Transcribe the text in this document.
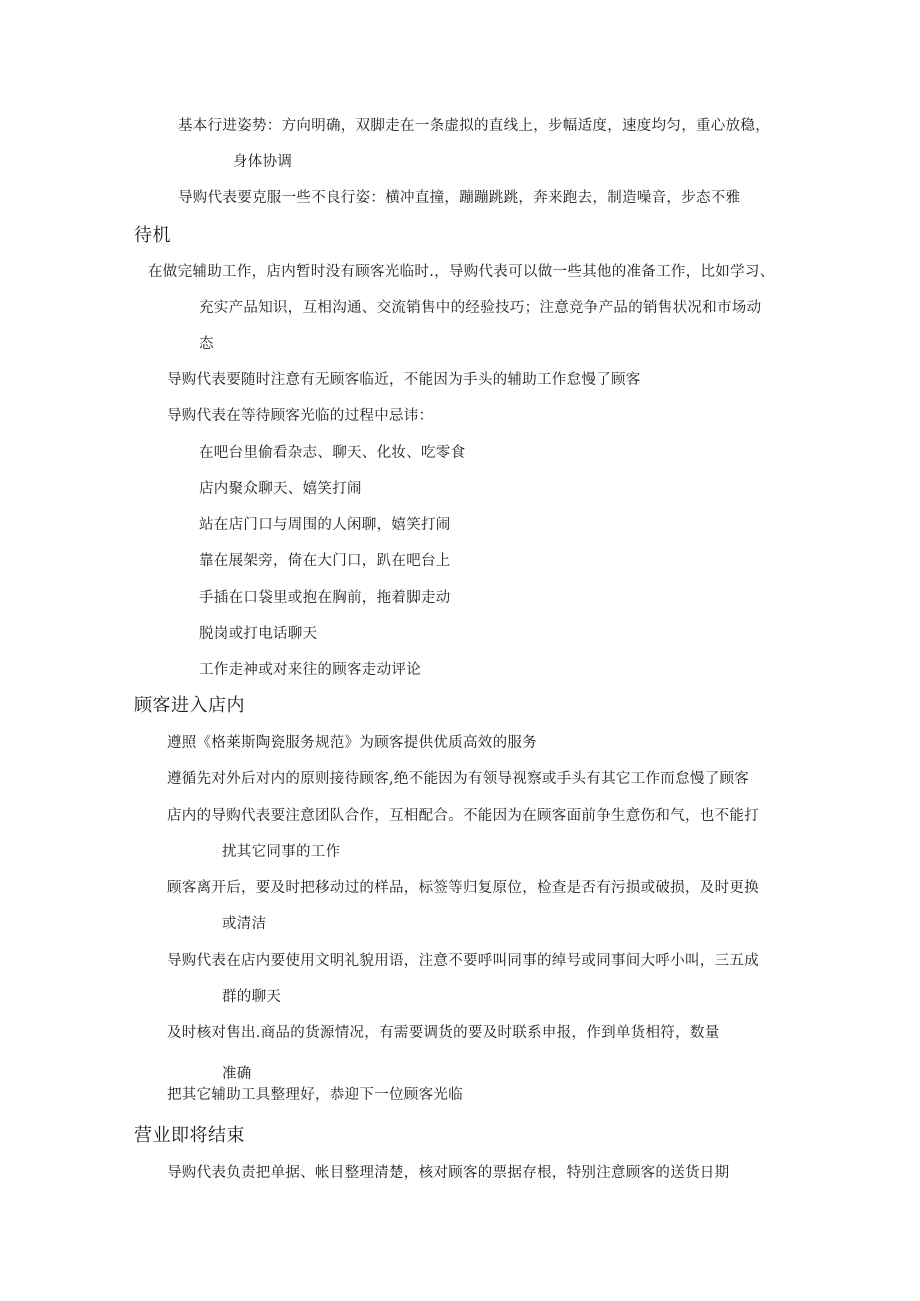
基本行进姿势：方向明确，双脚走在一条虚拟的直线上，步幅适度，速度均匀，重心放稳，

身体协调

导购代表要克服一些不良行姿：横冲直撞，蹦蹦跳跳，奔来跑去，制造噪音，步态不雅

待机

在做完辅助工作，店内暂时没有顾客光临时.，导购代表可以做一些其他的准备工作，比如学习、

充实产品知识，互相沟通、交流销售中的经验技巧；注意竞争产品的销售状况和市场动

态

导购代表要随时注意有无顾客临近，不能因为手头的辅助工作怠慢了顾客

导购代表在等待顾客光临的过程中忌讳：

在吧台里偷看杂志、聊天、化妆、吃零食

店内聚众聊天、嬉笑打闹

站在店门口与周围的人闲聊，嬉笑打闹

靠在展架旁，倚在大门口，趴在吧台上

手插在口袋里或抱在胸前，拖着脚走动

脱岗或打电话聊天

工作走神或对来往的顾客走动评论

顾客进入店内

遵照《格莱斯陶瓷服务规范》为顾客提供优质高效的服务

遵循先对外后对内的原则接待顾客,绝不能因为有领导视察或手头有其它工作而怠慢了顾客

店内的导购代表要注意团队合作，互相配合。不能因为在顾客面前争生意伤和气，也不能打

扰其它同事的工作

顾客离开后，要及时把移动过的样品，标签等归复原位，检查是否有污损或破损，及时更换

或清洁

导购代表在店内要使用文明礼貌用语，注意不要呼叫同事的绰号或同事间大呼小叫，三五成

群的聊天

及时核对售出.商品的货源情况，有需要调货的要及时联系申报，作到单货相符，数量

准确

把其它辅助工具整理好，恭迎下一位顾客光临

营业即将结束

导购代表负责把单据、帐目整理清楚，核对顾客的票据存根，特别注意顾客的送货日期
